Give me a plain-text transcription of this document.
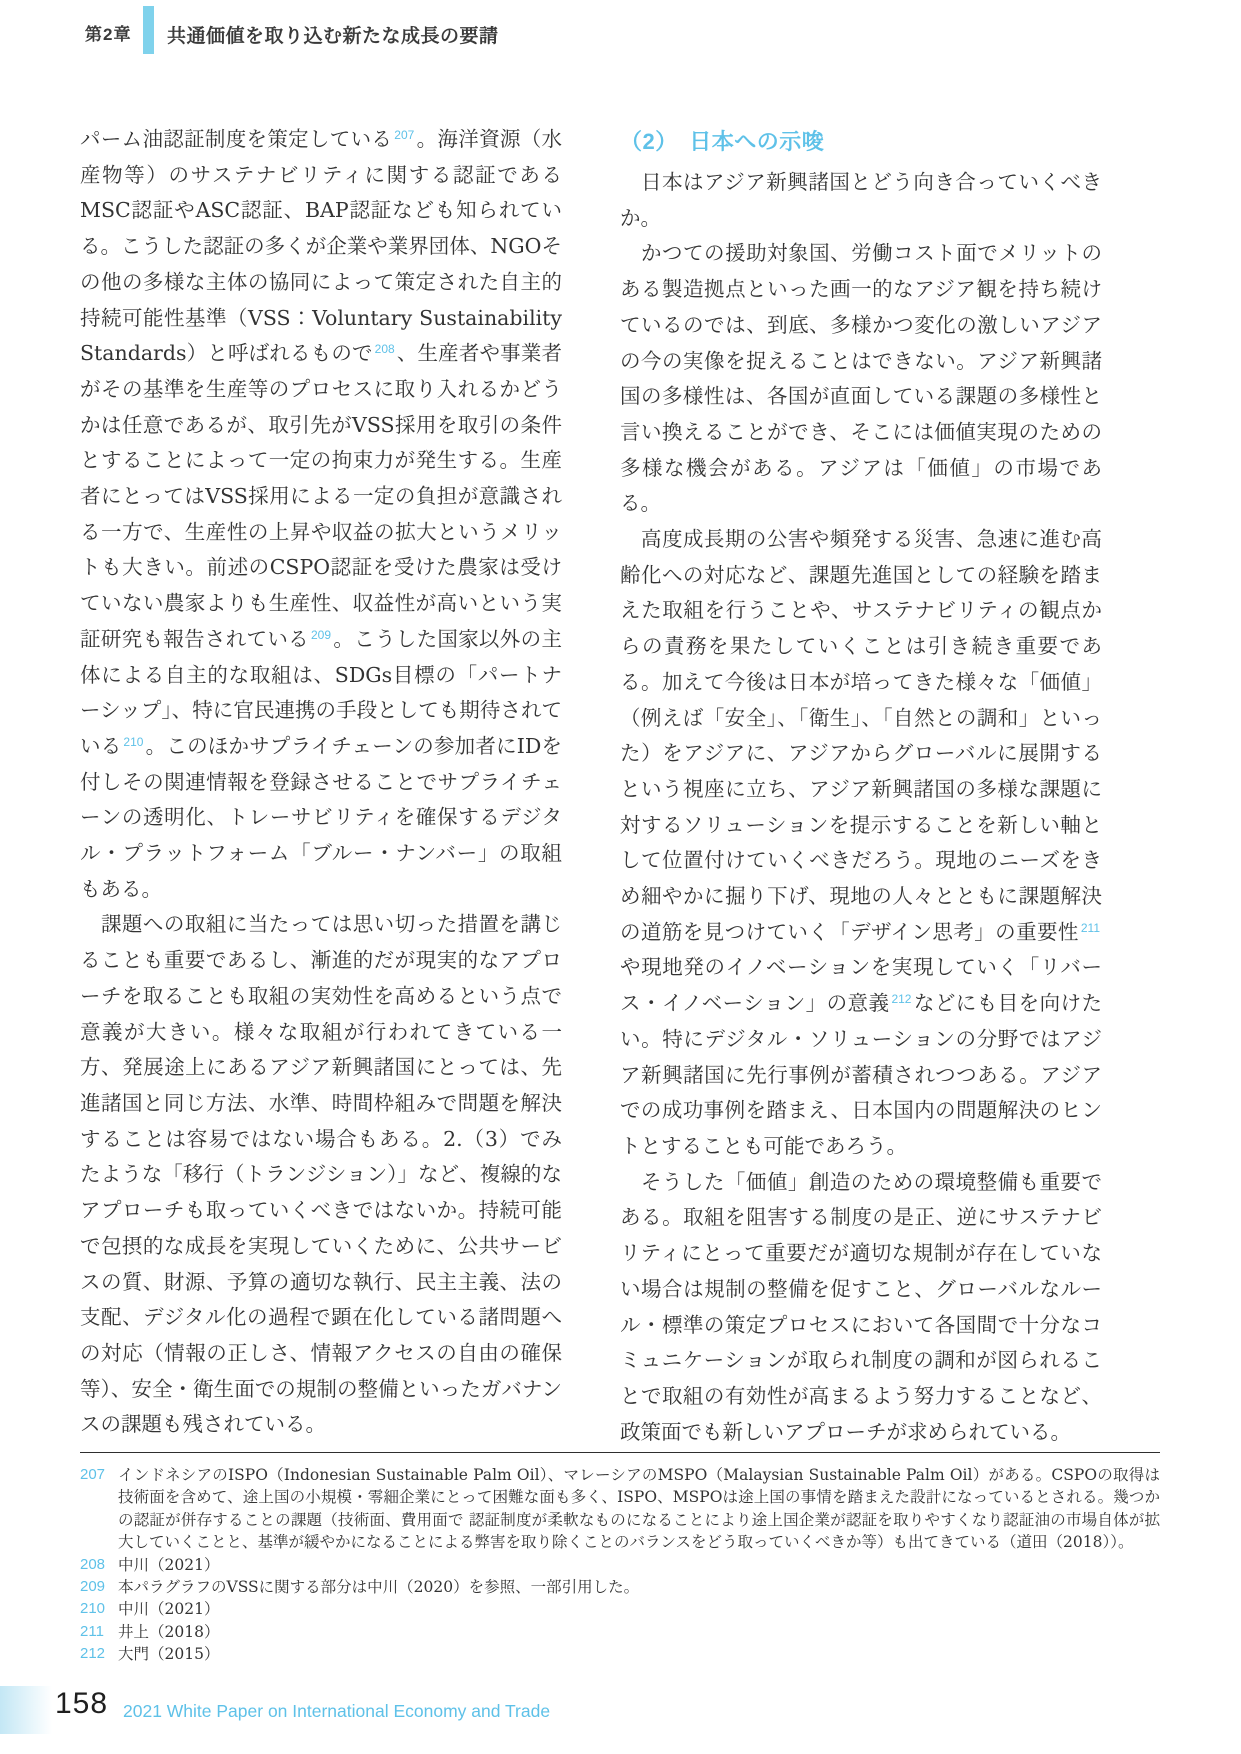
第2章 共通価値を取り込む新たな成長の要請

パーム油認証制度を策定している $^{207}$。海洋資源（水産物等）のサステナビリティに関する認証であるMSC認証やASC認証、BAP認証なども知られている。こうした認証の多くが企業や業界団体、NGOその他の多様な主体の協同によって策定された自主的持続可能性基準（VSS：Voluntary Sustainability Standards）と呼ばれるもので $^{208}$、生産者や事業者がその基準を生産等のプロセスに取り入れるかどうかは任意であるが、取引先がVSS採用を取引の条件とすることによって一定の拘束力が発生する。生産者にとってはVSS採用による一定の負担が意識される一方で、生産性の上昇や収益の拡大というメリットも大きい。前述のCSPO認証を受けた農家は受けていない農家よりも生産性、収益性が高いという実証研究も報告されている $^{209}$。こうした国家以外の主体による自主的な取組は、SDGs目標の「パートナーシップ」、特に官民連携の手段としても期待されている $^{210}$。このほかサプライチェーンの参加者にIDを付しその関連情報を登録させることでサプライチェーンの透明化、トレーサビリティを確保するデジタル・プラットフォーム「ブルー・ナンバー」の取組もある。

　課題への取組に当たっては思い切った措置を講じることも重要であるし、漸進的だが現実的なアプローチを取ることも取組の実効性を高めるという点で意義が大きい。様々な取組が行われてきている一方、発展途上にあるアジア新興諸国にとっては、先進諸国と同じ方法、水準、時間枠組みで問題を解決することは容易ではない場合もある。2.（3）でみたような「移行（トランジション）」など、複線的なアプローチも取っていくべきではないか。持続可能で包摂的な成長を実現していくために、公共サービスの質、財源、予算の適切な執行、民主主義、法の支配、デジタル化の過程で顕在化している諸問題への対応（情報の正しさ、情報アクセスの自由の確保等）、安全・衛生面での規制の整備といったガバナンスの課題も残されている。

（2）　日本への示唆

　日本はアジア新興諸国とどう向き合っていくべきか。

　かつての援助対象国、労働コスト面でメリットのある製造拠点といった画一的なアジア観を持ち続けているのでは、到底、多様かつ変化の激しいアジアの今の実像を捉えることはできない。アジア新興諸国の多様性は、各国が直面している課題の多様性と言い換えることができ、そこには価値実現のための多様な機会がある。アジアは「価値」の市場である。

　高度成長期の公害や頻発する災害、急速に進む高齢化への対応など、課題先進国としての経験を踏まえた取組を行うことや、サステナビリティの観点からの責務を果たしていくことは引き続き重要である。加えて今後は日本が培ってきた様々な「価値」（例えば「安全」、「衛生」、「自然との調和」といった）をアジアに、アジアからグローバルに展開するという視座に立ち、アジア新興諸国の多様な課題に対するソリューションを提示することを新しい軸として位置付けていくべきだろう。現地のニーズをきめ細やかに掘り下げ、現地の人々とともに課題解決の道筋を見つけていく「デザイン思考」の重要性 $^{211}$や現地発のイノベーションを実現していく「リバース・イノベーション」の意義 $^{212}$などにも目を向けたい。特にデジタル・ソリューションの分野ではアジア新興諸国に先行事例が蓄積されつつある。アジアでの成功事例を踏まえ、日本国内の問題解決のヒントとすることも可能であろう。

　そうした「価値」創造のための環境整備も重要である。取組を阻害する制度の是正、逆にサステナビリティにとって重要だが適切な規制が存在していない場合は規制の整備を促すこと、グローバルなルール・標準の策定プロセスにおいて各国間で十分なコミュニケーションが取られ制度の調和が図られることで取組の有効性が高まるよう努力することなど、政策面でも新しいアプローチが求められている。

207 インドネシアのISPO（Indonesian Sustainable Palm Oil）、マレーシアのMSPO（Malaysian Sustainable Palm Oil）がある。CSPOの取得は技術面を含めて、途上国の小規模・零細企業にとって困難な面も多く、ISPO、MSPOは途上国の事情を踏まえた設計になっているとされる。幾つかの認証が併存することの課題（技術面、費用面で 認証制度が柔軟なものになることにより途上国企業が認証を取りやすくなり認証油の市場自体が拡大していくことと、基準が緩やかになることによる弊害を取り除くことのバランスをどう取っていくべきか等）も出てきている（道田（2018））。
208 中川（2021）
209 本パラグラフのVSSに関する部分は中川（2020）を参照、一部引用した。
210 中川（2021）
211 井上（2018）
212 大門（2015）
158 2021 White Paper on International Economy and Trade
